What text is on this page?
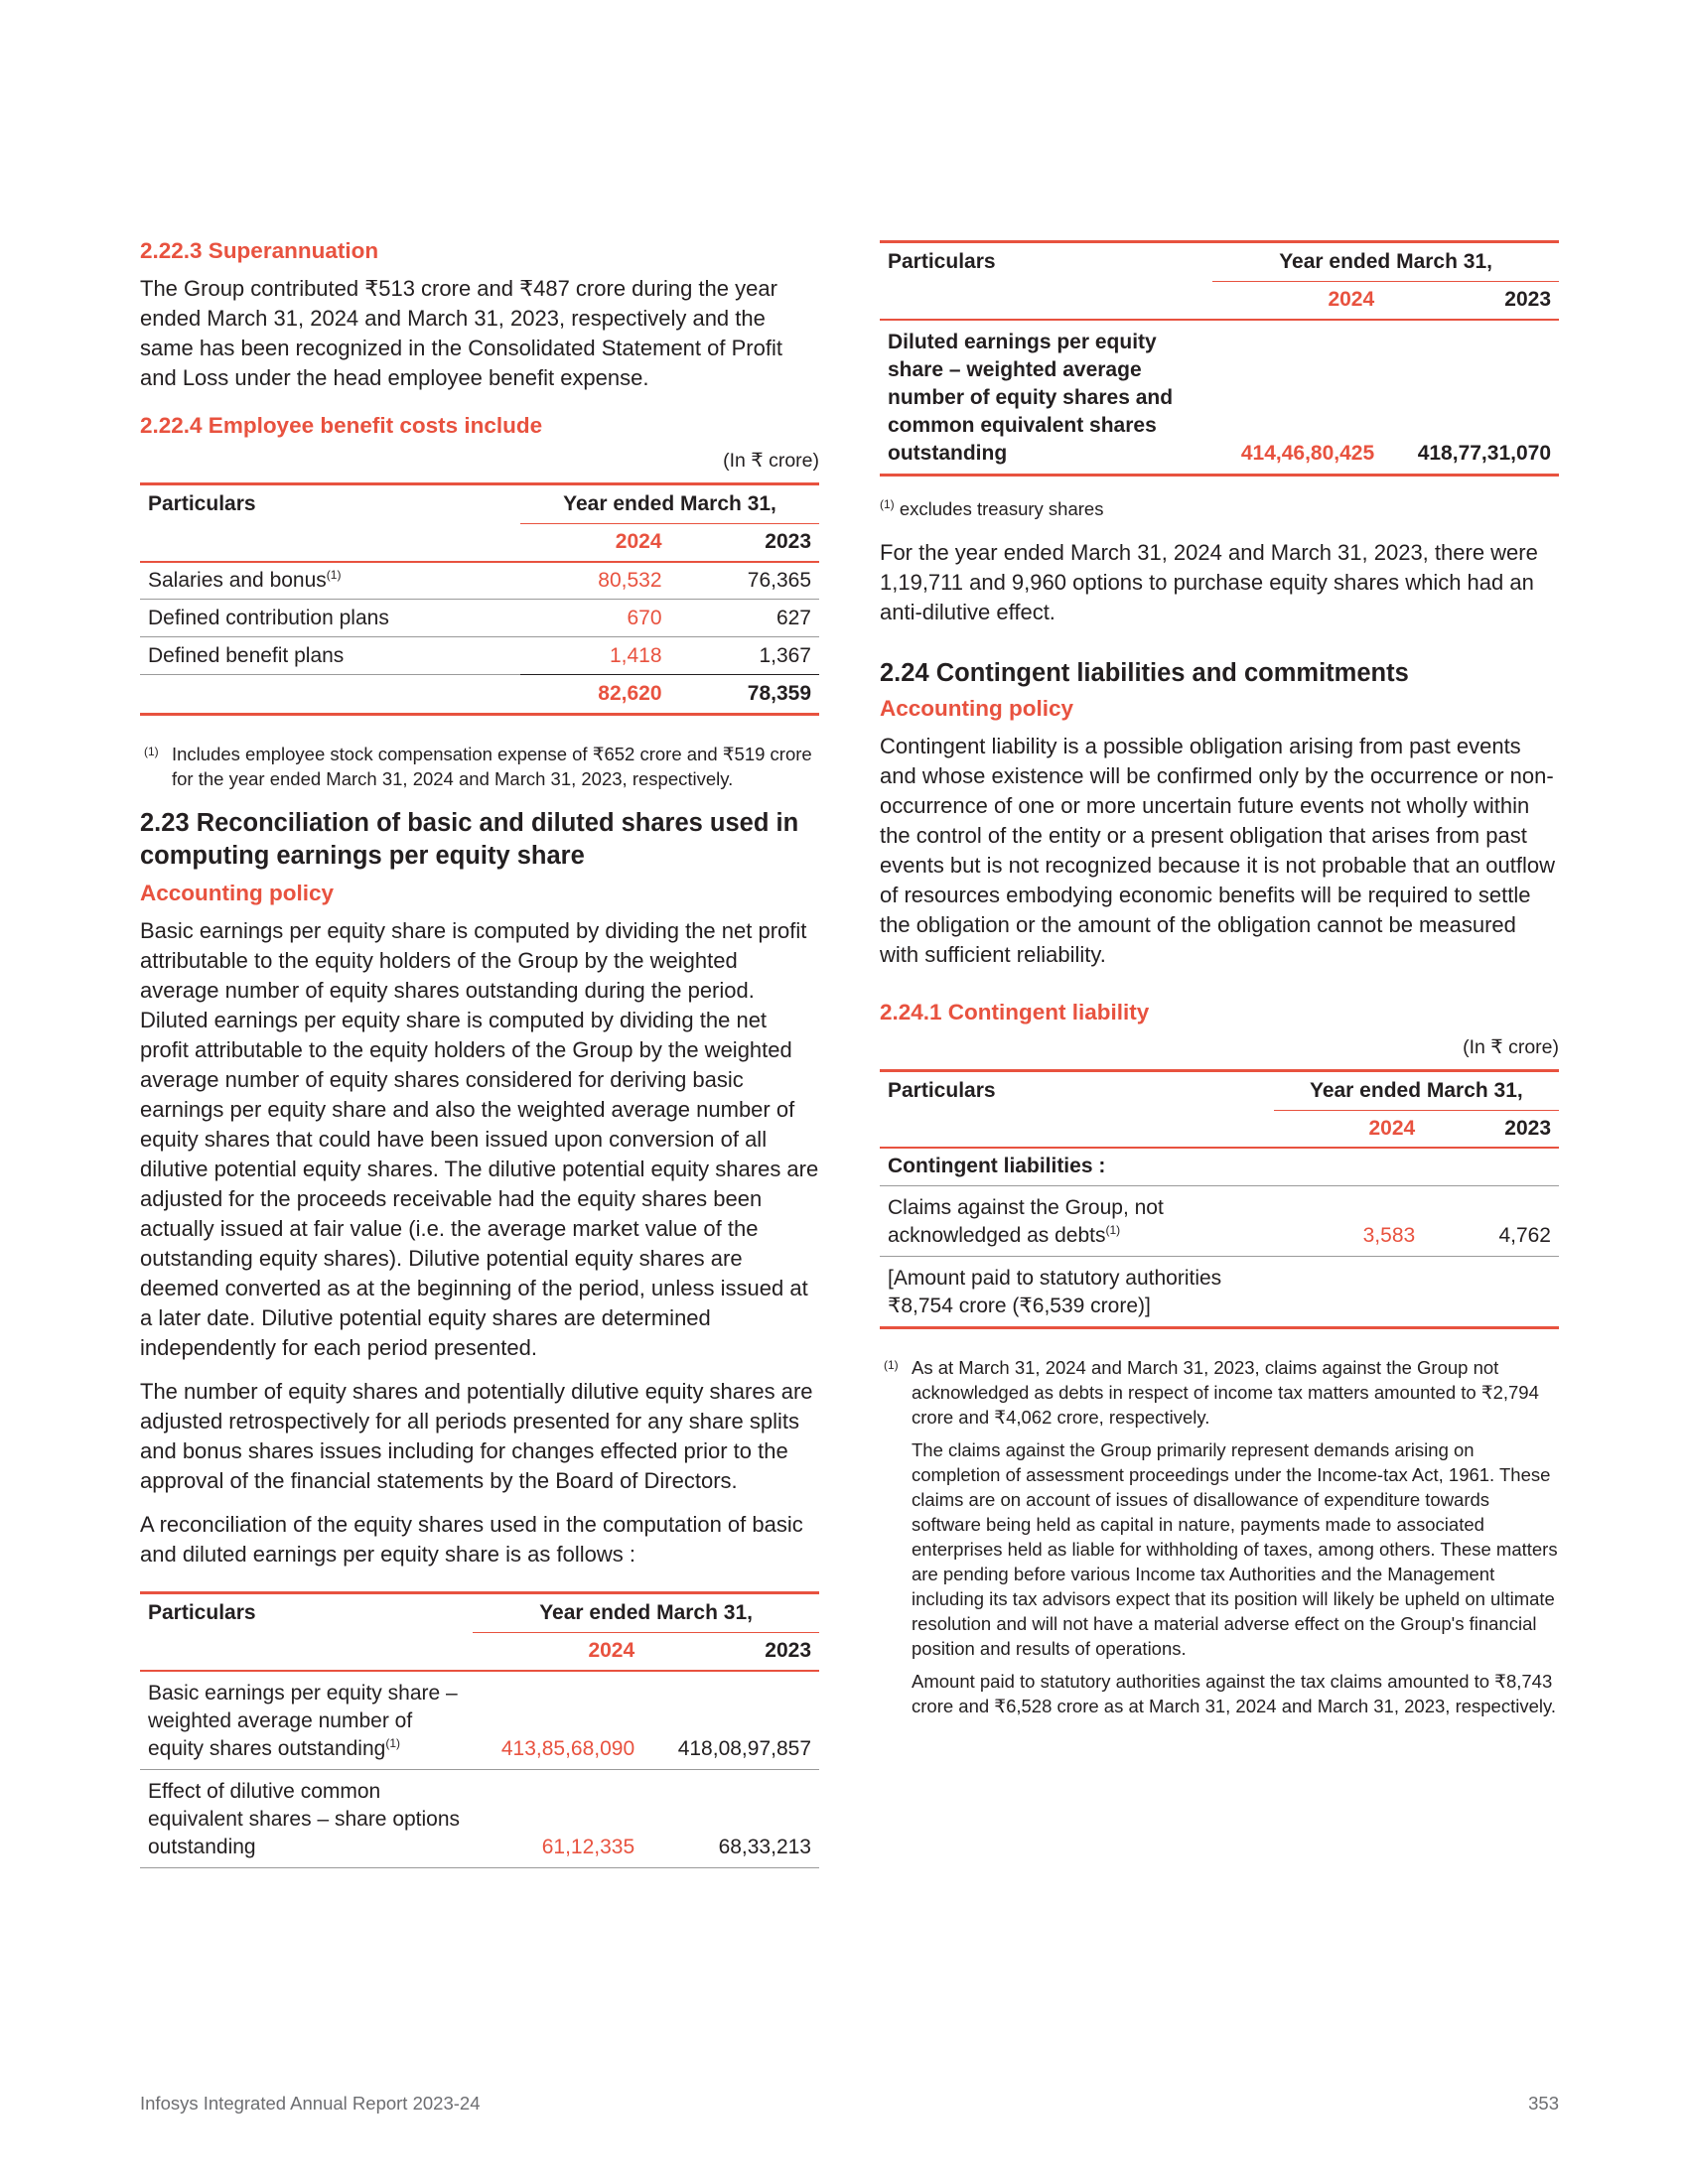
2.22.3 Superannuation

The Group contributed ₹513 crore and ₹487 crore during the year ended March 31, 2024 and March 31, 2023, respectively and the same has been recognized in the Consolidated Statement of Profit and Loss under the head employee benefit expense.

2.22.4 Employee benefit costs include
(In ₹ crore)
Particulars	Year ended March 31,	
	2024	2023
Salaries and bonus$^{(1)}$	80,532	76,365
Defined contribution plans	670	627
Defined benefit plans	1,418	1,367
	82,620	78,359
(1) Includes employee stock compensation expense of ₹652 crore and ₹519 crore for the year ended March 31, 2024 and March 31, 2023, respectively.
2.23 Reconciliation of basic and diluted shares used in computing earnings per equity share
Accounting policy

Basic earnings per equity share is computed by dividing the net profit attributable to the equity holders of the Group by the weighted average number of equity shares outstanding during the period. Diluted earnings per equity share is computed by dividing the net profit attributable to the equity holders of the Group by the weighted average number of equity shares considered for deriving basic earnings per equity share and also the weighted average number of equity shares that could have been issued upon conversion of all dilutive potential equity shares. The dilutive potential equity shares are adjusted for the proceeds receivable had the equity shares been actually issued at fair value (i.e. the average market value of the outstanding equity shares). Dilutive potential equity shares are deemed converted as at the beginning of the period, unless issued at a later date. Dilutive potential equity shares are determined independently for each period presented.

The number of equity shares and potentially dilutive equity shares are adjusted retrospectively for all periods presented for any share splits and bonus shares issues including for changes effected prior to the approval of the financial statements by the Board of Directors.

A reconciliation of the equity shares used in the computation of basic and diluted earnings per equity share is as follows :

Particulars	Year ended March 31,	
	2024	2023
Basic earnings per equity share – weighted average number of equity shares outstanding$^{(1)}$	413,85,68,090	418,08,97,857
Effect of dilutive common equivalent shares – share options outstanding	61,12,335	68,33,213
Particulars	Year ended March 31,	
	2024	2023
Diluted earnings per equity share – weighted average number of equity shares and common equivalent shares outstanding	414,46,80,425	418,77,31,070
$^{(1)}$ excludes treasury shares

For the year ended March 31, 2024 and March 31, 2023, there were 1,19,711 and 9,960 options to purchase equity shares which had an anti-dilutive effect.

2.24 Contingent liabilities and commitments
Accounting policy

Contingent liability is a possible obligation arising from past events and whose existence will be confirmed only by the occurrence or non-occurrence of one or more uncertain future events not wholly within the control of the entity or a present obligation that arises from past events but is not recognized because it is not probable that an outflow of resources embodying economic benefits will be required to settle the obligation or the amount of the obligation cannot be measured with sufficient reliability.

2.24.1 Contingent liability
(In ₹ crore)
Particulars	Year ended March 31,	
	2024	2023
Contingent liabilities :		
Claims against the Group, not acknowledged as debts$^{(1)}$	3,583	4,762
[Amount paid to statutory authorities ₹8,754 crore (₹6,539 crore)]		
(1) As at March 31, 2024 and March 31, 2023, claims against the Group not acknowledged as debts in respect of income tax matters amounted to ₹2,794 crore and ₹4,062 crore, respectively.

The claims against the Group primarily represent demands arising on completion of assessment proceedings under the Income-tax Act, 1961. These claims are on account of issues of disallowance of expenditure towards software being held as capital in nature, payments made to associated enterprises held as liable for withholding of taxes, among others. These matters are pending before various Income tax Authorities and the Management including its tax advisors expect that its position will likely be upheld on ultimate resolution and will not have a material adverse effect on the Group's financial position and results of operations.

Amount paid to statutory authorities against the tax claims amounted to ₹8,743 crore and ₹6,528 crore as at March 31, 2024 and March 31, 2023, respectively.

Infosys Integrated Annual Report 2023-24	353
